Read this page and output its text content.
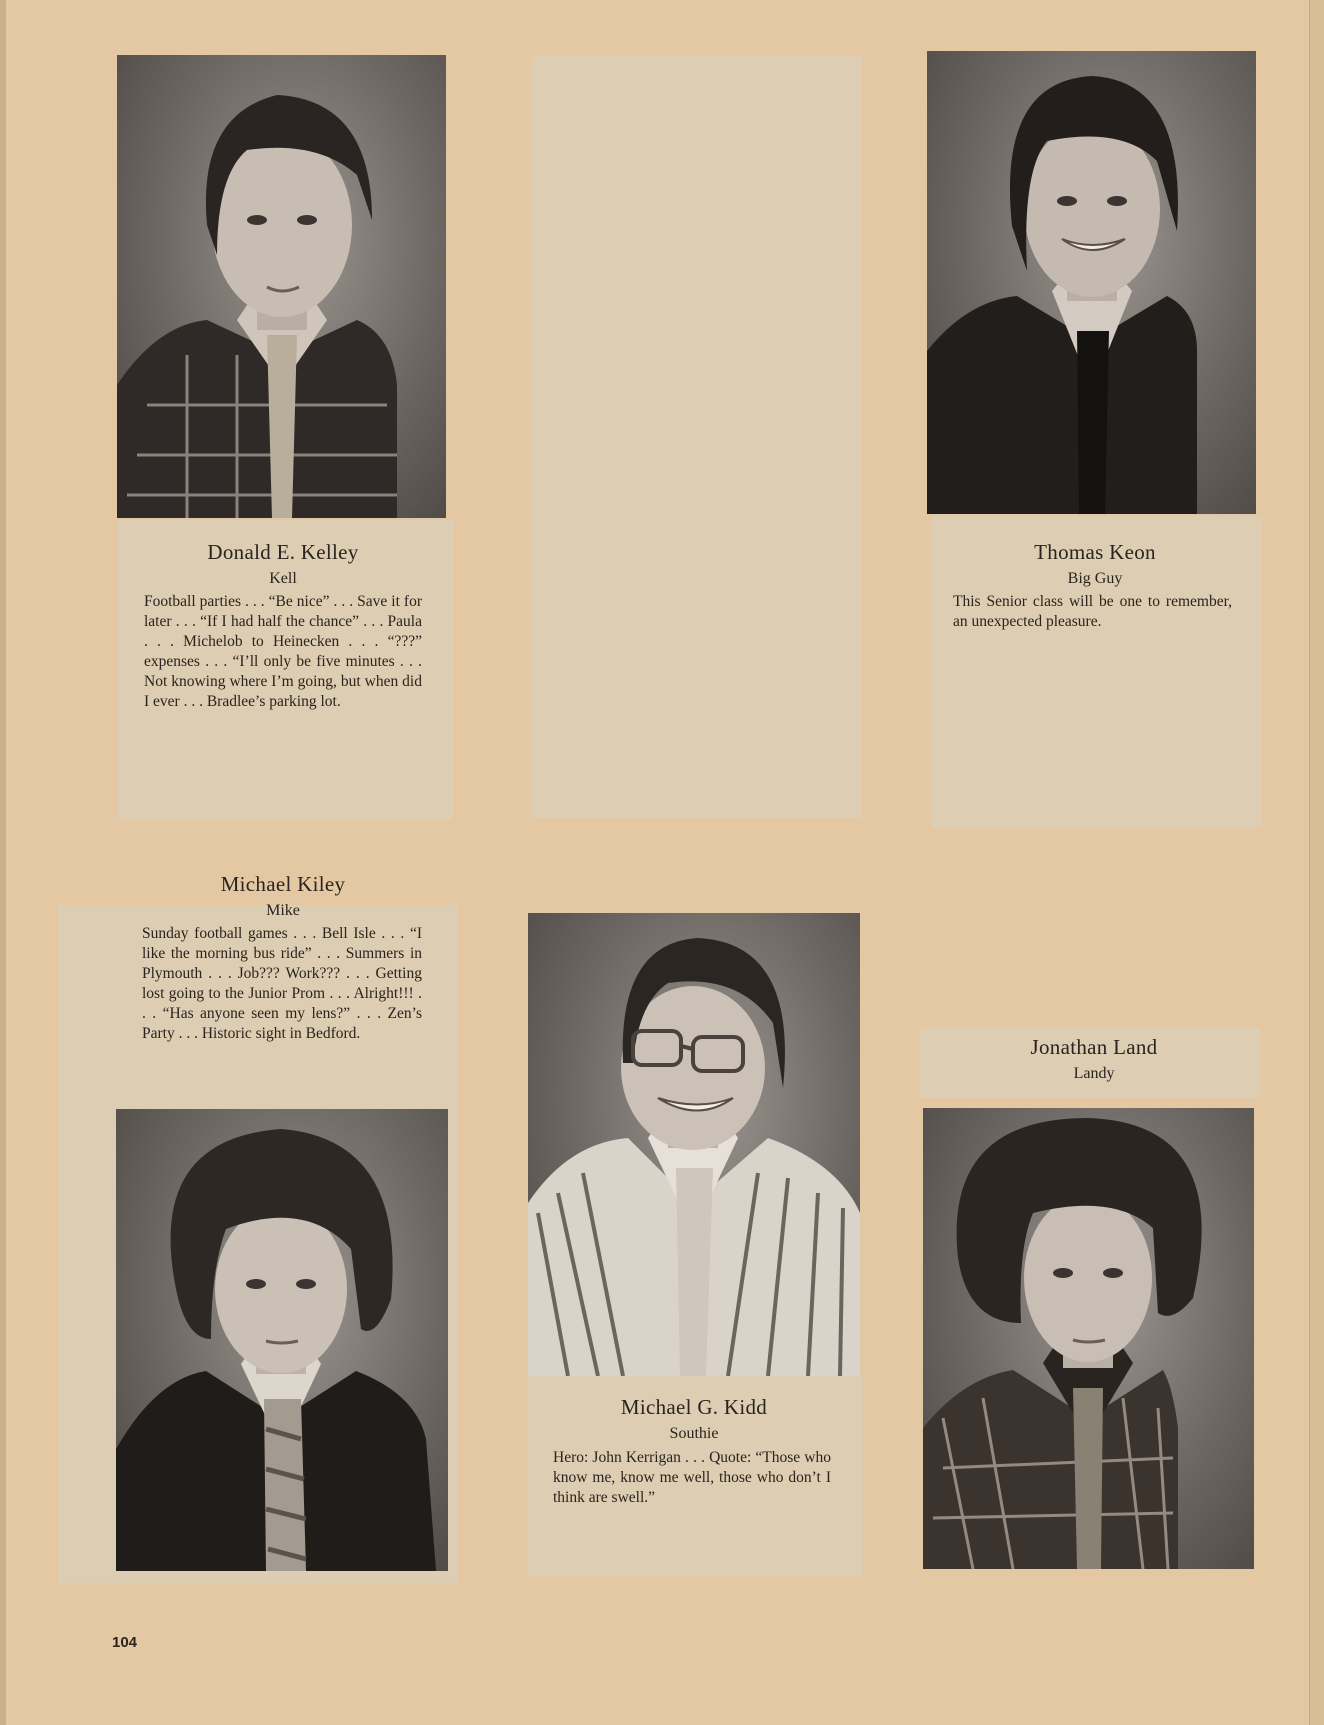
Donald E. Kelley
Kell
Football parties . . . “Be nice” . . . Save it for later . . . “If I had half the chance” . . . Paula . . . Michelob to Heinecken . . . “???” expenses . . . “I’ll only be five minutes . . . Not knowing where I’m going, but when did I ever . . . Bradlee’s parking lot.
Thomas Keon
Big Guy
This Senior class will be one to remember, an unexpected pleasure.
Michael Kiley
Mike
Sunday football games . . . Bell Isle . . . “I like the morning bus ride” . . . Summers in Plymouth . . . Job??? Work??? . . . Getting lost going to the Junior Prom . . . Alright!!! . . . “Has anyone seen my lens?” . . . Zen’s Party . . . Historic sight in Bedford.
Michael G. Kidd
Southie
Hero: John Kerrigan . . . Quote: “Those who know me, know me well, those who don’t I think are swell.”
Jonathan Land
Landy
104
